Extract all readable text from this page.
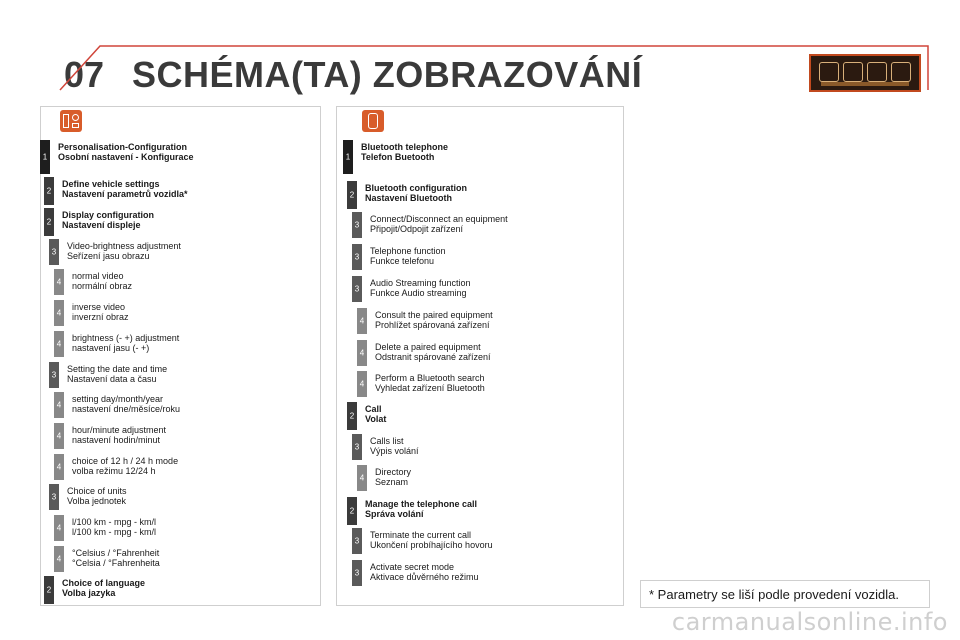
07 SCHÉMA(TA) ZOBRAZOVÁNÍ
1
Personalisation-Configuration
Osobní nastavení - Konfigurace
2
Define vehicle settings
Nastavení parametrů vozidla*
2
Display configuration
Nastavení displeje
3
Video-brightness adjustment
Seřízení jasu obrazu
4
normal video
normální obraz
4
inverse video
inverzní obraz
4
brightness (- +) adjustment
nastavení jasu (- +)
3
Setting the date and time
Nastavení data a času
4
setting day/month/year
nastavení dne/měsíce/roku
4
hour/minute adjustment
nastavení hodin/minut
4
choice of 12 h / 24 h mode
volba režimu 12/24 h
3
Choice of units
Volba jednotek
4
l/100 km - mpg - km/l
l/100 km - mpg - km/l
4
°Celsius / °Fahrenheit
°Celsia / °Fahrenheita
2
Choice of language
Volba jazyka
1
Bluetooth telephone
Telefon Buetooth
2
Bluetooth configuration
Nastavení Bluetooth
3
Connect/Disconnect an equipment
Připojit/Odpojit zařízení
3
Telephone function
Funkce telefonu
3
Audio Streaming function
Funkce Audio streaming
4
Consult the paired equipment
Prohlížet spárovaná zařízení
4
Delete a paired equipment
Odstranit spárované zařízení
4
Perform a Bluetooth search
Vyhledat zařízení Bluetooth
2
Call
Volat
3
Calls list
Výpis volání
4
Directory
Seznam
2
Manage the telephone call
Správa volání
3
Terminate the current call
Ukončení probíhajícího hovoru
3
Activate secret mode
Aktivace důvěrného režimu
* Parametry se liší podle provedení vozidla.
carmanualsonline.info
